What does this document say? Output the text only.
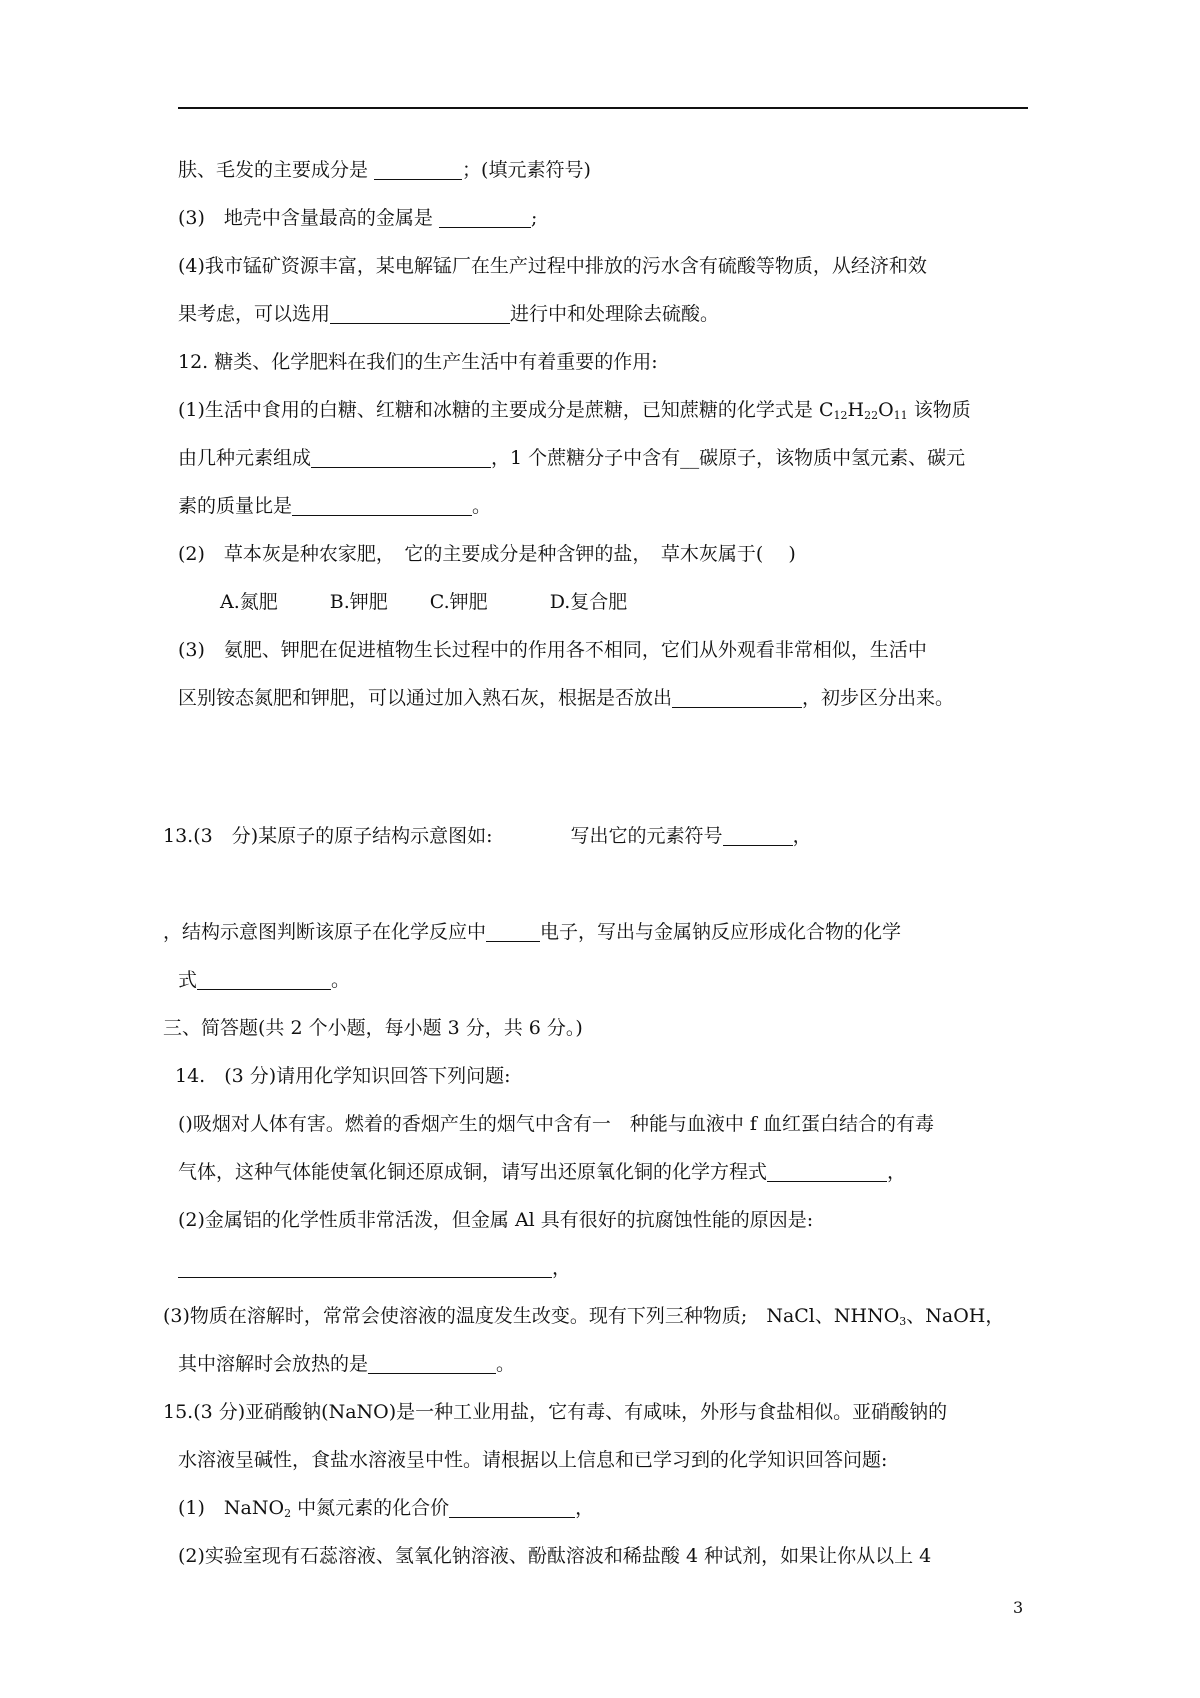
肤、毛发的主要成分是	；(填元素符号)
(3)　地壳中含量最高的金属是	;
(4)我市锰矿资源丰富，某电解锰厂在生产过程中排放的污水含有硫酸等物质，从经济和效
果考虑，可以选用	进行中和处理除去硫酸。
12. 糖类、化学肥料在我们的生产生活中有着重要的作用:
(1)生活中食用的白糖、红糖和冰糖的主要成分是蔗糖，已知蔗糖的化学式是 $C_{12}H_{22}O_{11}$ 该物质
由几种元素组成	，1 个蔗糖分子中含有__碳原子，该物质中氢元素、碳元
素的质量比是	。
(2)　草本灰是种农家肥，　它的主要成分是种含钾的盐，　草木灰属于(　 )
A.氮肥	B.钾肥 C.钾肥	D.复合肥
(3)　氨肥、钾肥在促进植物生长过程中的作用各不相同，它们从外观看非常相似，生活中
区别铵态氮肥和钾肥，可以通过加入熟石灰，根据是否放出	，初步区分出来。
13.(3　分)某原子的原子结构示意图如:	写出它的元素符号	，
，结构示意图判断该原子在化学反应中	电子，写出与金属钠反应形成化合物的化学
式	。
三、简答题(共 2 个小题，每小题 3 分，共 6 分。)
14.　(3 分)请用化学知识回答下列问题:
()吸烟对人体有害。燃着的香烟产生的烟气中含有一　种能与血液中 f 血红蛋白结合的有毒
气体，这种气体能使氧化铜还原成铜，请写出还原氧化铜的化学方程式	，
(2)金属铝的化学性质非常活泼，但金属 Al 具有很好的抗腐蚀性能的原因是:
，
(3)物质在溶解时，常常会使溶液的温度发生改变。现有下列三种物质;　NaCl、$NHNO_3$、NaOH，
其中溶解时会放热的是	。
15.(3 分)亚硝酸钠(NaNO)是一种工业用盐，它有毒、有咸味，外形与食盐相似。亚硝酸钠的
水溶液呈碱性，食盐水溶液呈中性。请根据以上信息和已学习到的化学知识回答问题:
(1)　NaNO$_2$ 中氮元素的化合价	，
(2)实验室现有石蕊溶液、氢氧化钠溶液、酚酞溶波和稀盐酸 4 种试剂，如果让你从以上 4
3
